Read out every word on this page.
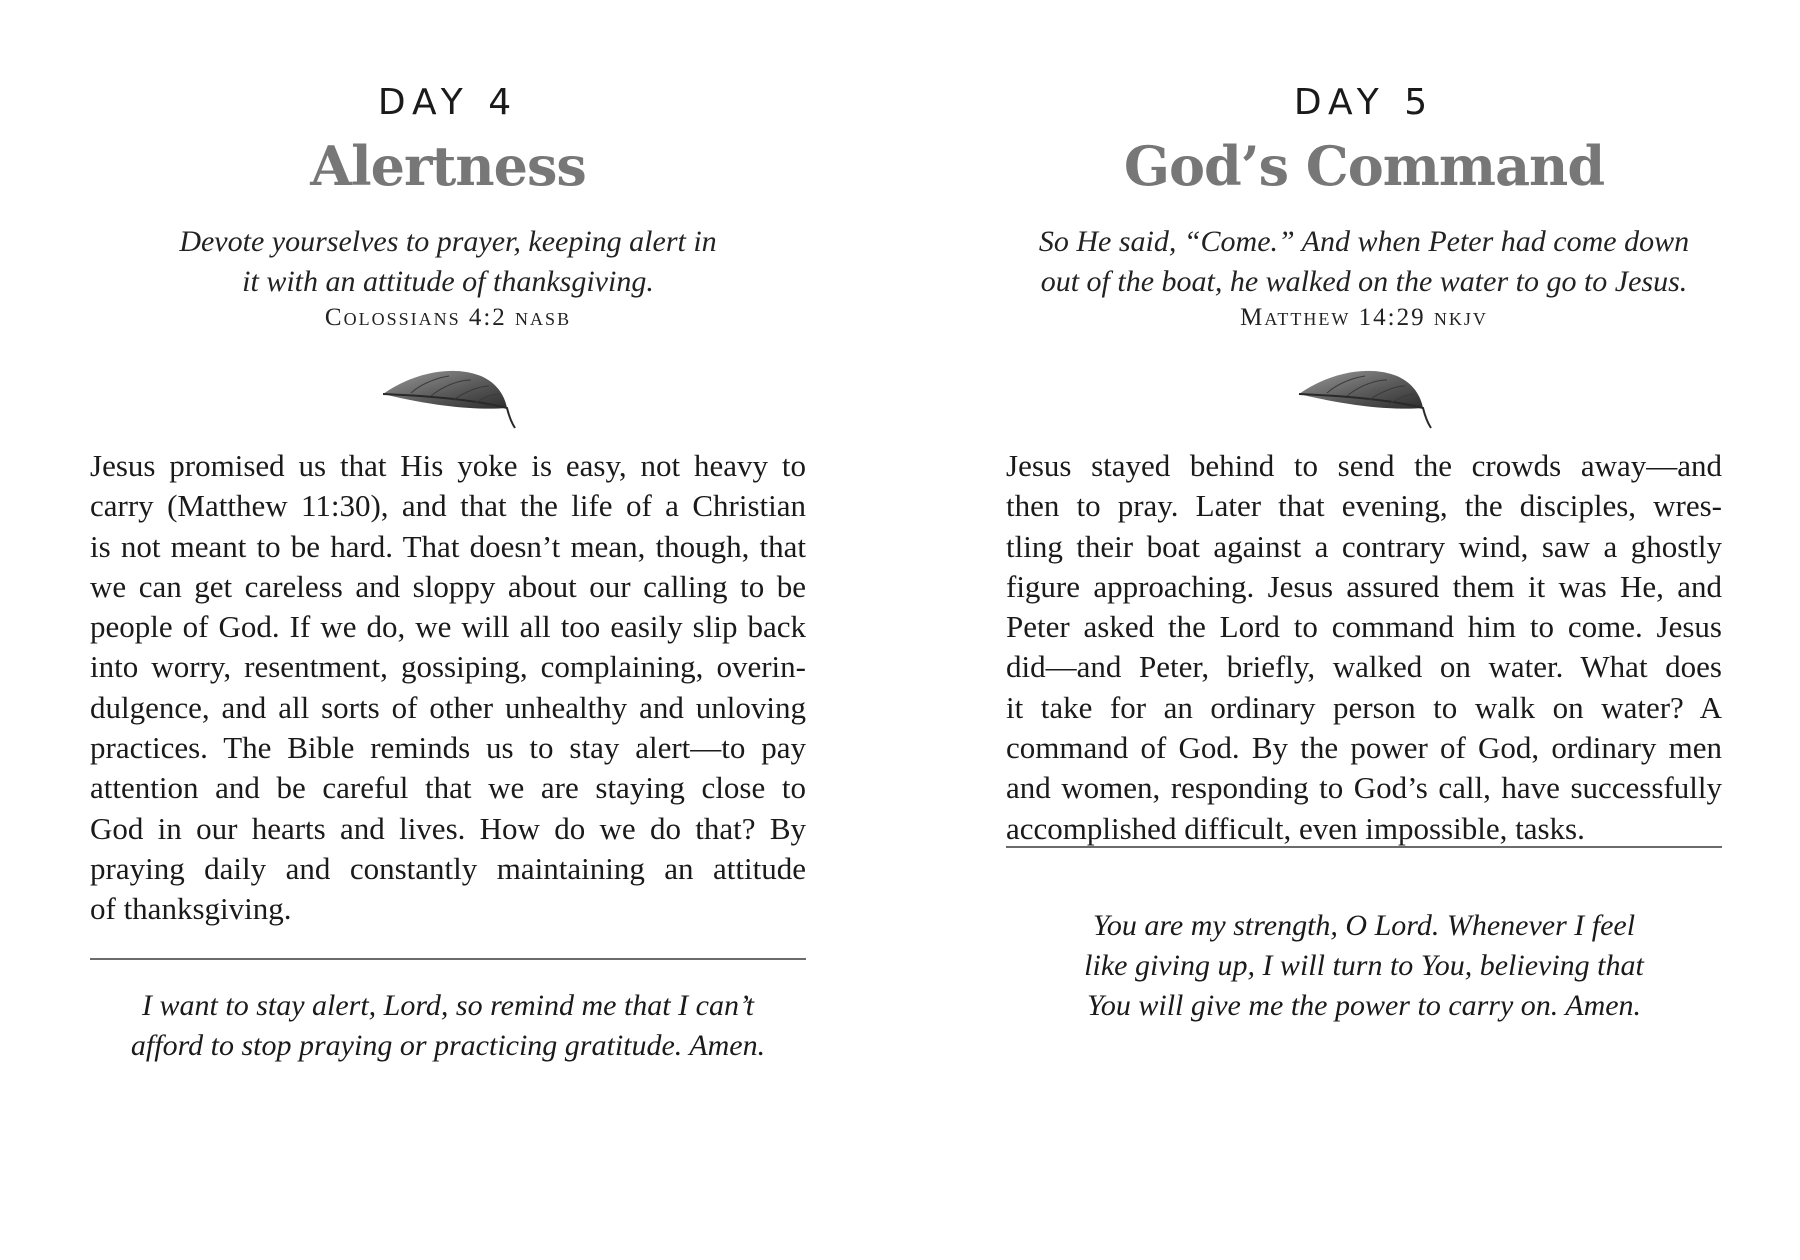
DAY 4
Alertness
Devote yourselves to prayer, keeping alert in
it with an attitude of thanksgiving.
Colossians 4:2 nasb
Jesus promised us that His yoke is easy, not heavy to
carry (Matthew 11:30), and that the life of a Christian
is not meant to be hard. That doesn’t mean, though, that
we can get careless and sloppy about our calling to be
people of God. If we do, we will all too easily slip back
into worry, resentment, gossiping, complaining, overin-
dulgence, and all sorts of other unhealthy and unloving
practices. The Bible reminds us to stay alert—to pay
attention and be careful that we are staying close to
God in our hearts and lives. How do we do that? By
praying daily and constantly maintaining an attitude
of thanksgiving.
I want to stay alert, Lord, so remind me that I can’t
afford to stop praying or practicing gratitude. Amen.
DAY 5
God’s Command
So He said, “Come.” And when Peter had come down
out of the boat, he walked on the water to go to Jesus.
Matthew 14:29 nkjv
Jesus stayed behind to send the crowds away—and
then to pray. Later that evening, the disciples, wres-
tling their boat against a contrary wind, saw a ghostly
figure approaching. Jesus assured them it was He, and
Peter asked the Lord to command him to come. Jesus
did—and Peter, briefly, walked on water. What does
it take for an ordinary person to walk on water? A
command of God. By the power of God, ordinary men
and women, responding to God’s call, have successfully
accomplished difficult, even impossible, tasks.
You are my strength, O Lord. Whenever I feel
like giving up, I will turn to You, believing that
You will give me the power to carry on. Amen.
